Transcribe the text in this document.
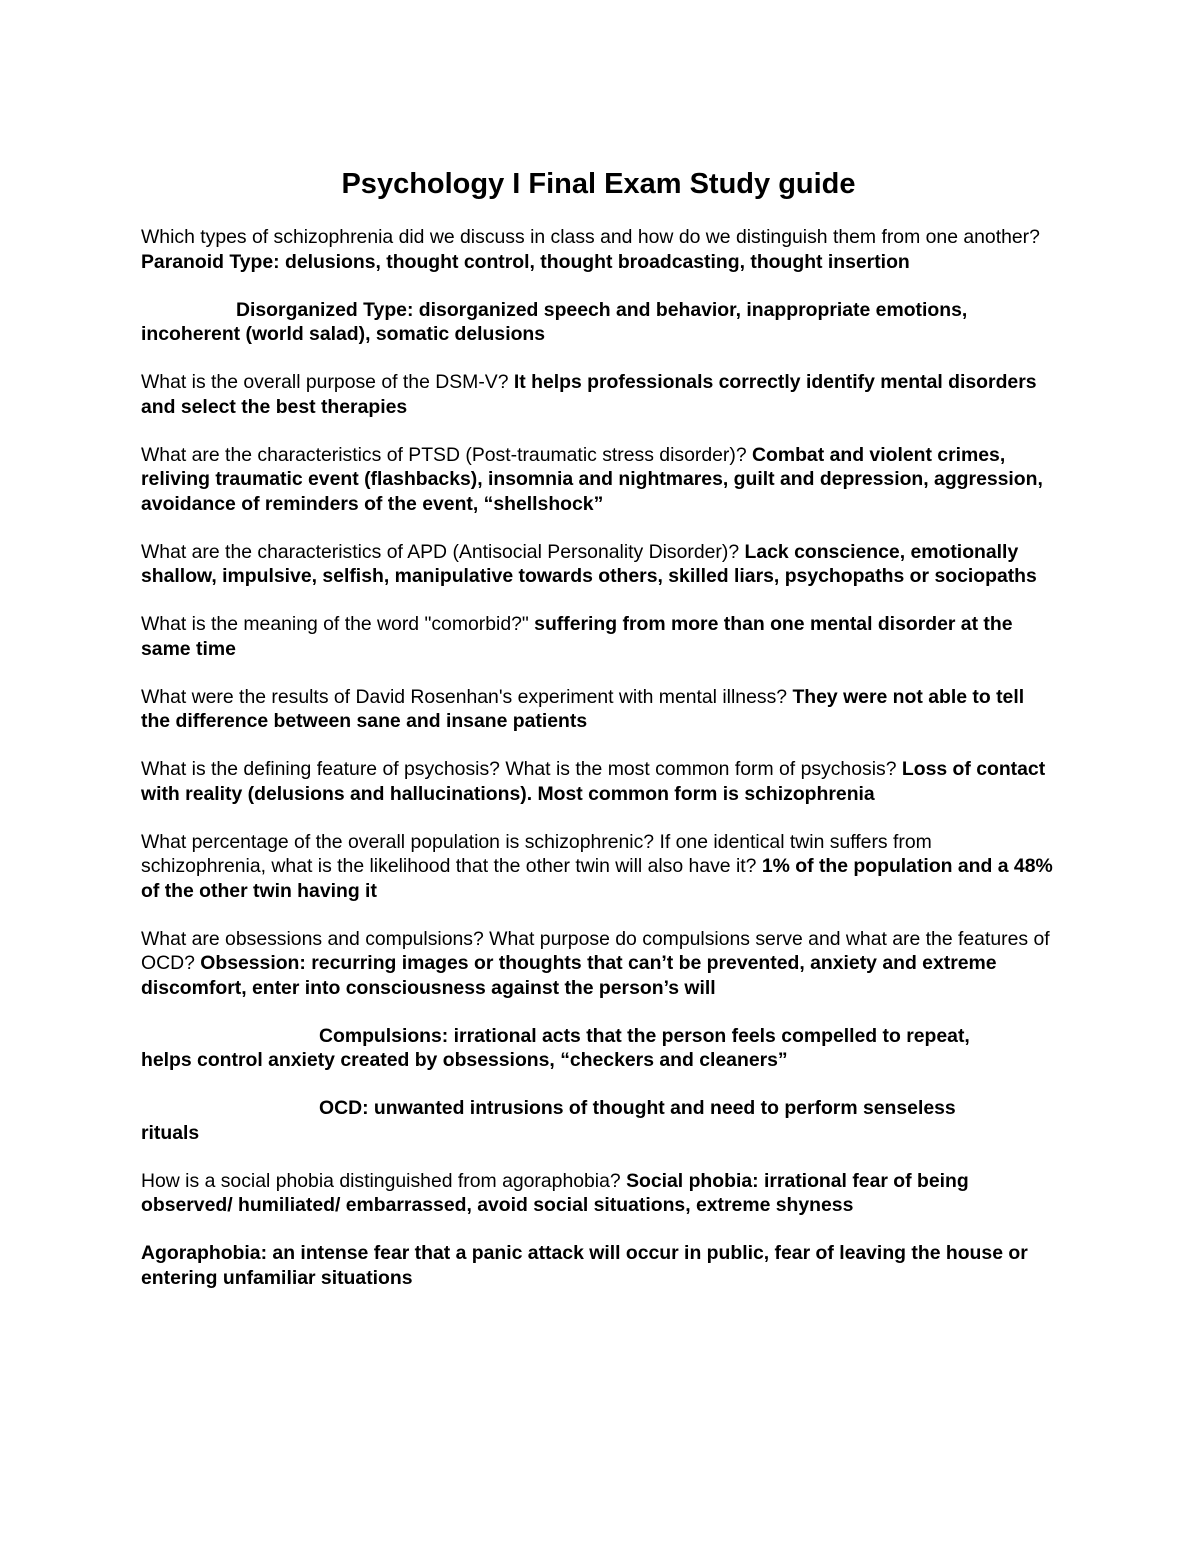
Psychology I Final Exam Study guide

Which types of schizophrenia did we discuss in class and how do we distinguish them from one another? Paranoid Type: delusions, thought control, thought broadcasting, thought insertion

Disorganized Type: disorganized speech and behavior, inappropriate emotions,
incoherent (world salad), somatic delusions

What is the overall purpose of the DSM-V? It helps professionals correctly identify mental disorders and select the best therapies

What are the characteristics of PTSD (Post-traumatic stress disorder)? Combat and violent crimes, reliving traumatic event (flashbacks), insomnia and nightmares, guilt and depression, aggression, avoidance of reminders of the event, “shellshock”

What are the characteristics of APD (Antisocial Personality Disorder)? Lack conscience, emotionally shallow, impulsive, selfish, manipulative towards others, skilled liars, psychopaths or sociopaths

What is the meaning of the word "comorbid?" suffering from more than one mental disorder at the same time

What were the results of David Rosenhan's experiment with mental illness? They were not able to tell the difference between sane and insane patients

What is the defining feature of psychosis? What is the most common form of psychosis? Loss of contact with reality (delusions and hallucinations). Most common form is schizophrenia

What percentage of the overall population is schizophrenic? If one identical twin suffers from schizophrenia, what is the likelihood that the other twin will also have it? 1% of the population and a 48% of the other twin having it

What are obsessions and compulsions? What purpose do compulsions serve and what are the features of OCD? Obsession: recurring images or thoughts that can’t be prevented, anxiety and extreme discomfort, enter into consciousness against the person’s will

Compulsions: irrational acts that the person feels compelled to repeat,
helps control anxiety created by obsessions, “checkers and cleaners”

OCD: unwanted intrusions of thought and need to perform senseless
rituals

How is a social phobia distinguished from agoraphobia? Social phobia: irrational fear of being observed/ humiliated/ embarrassed, avoid social situations, extreme shyness

Agoraphobia: an intense fear that a panic attack will occur in public, fear of leaving the house or entering unfamiliar situations
